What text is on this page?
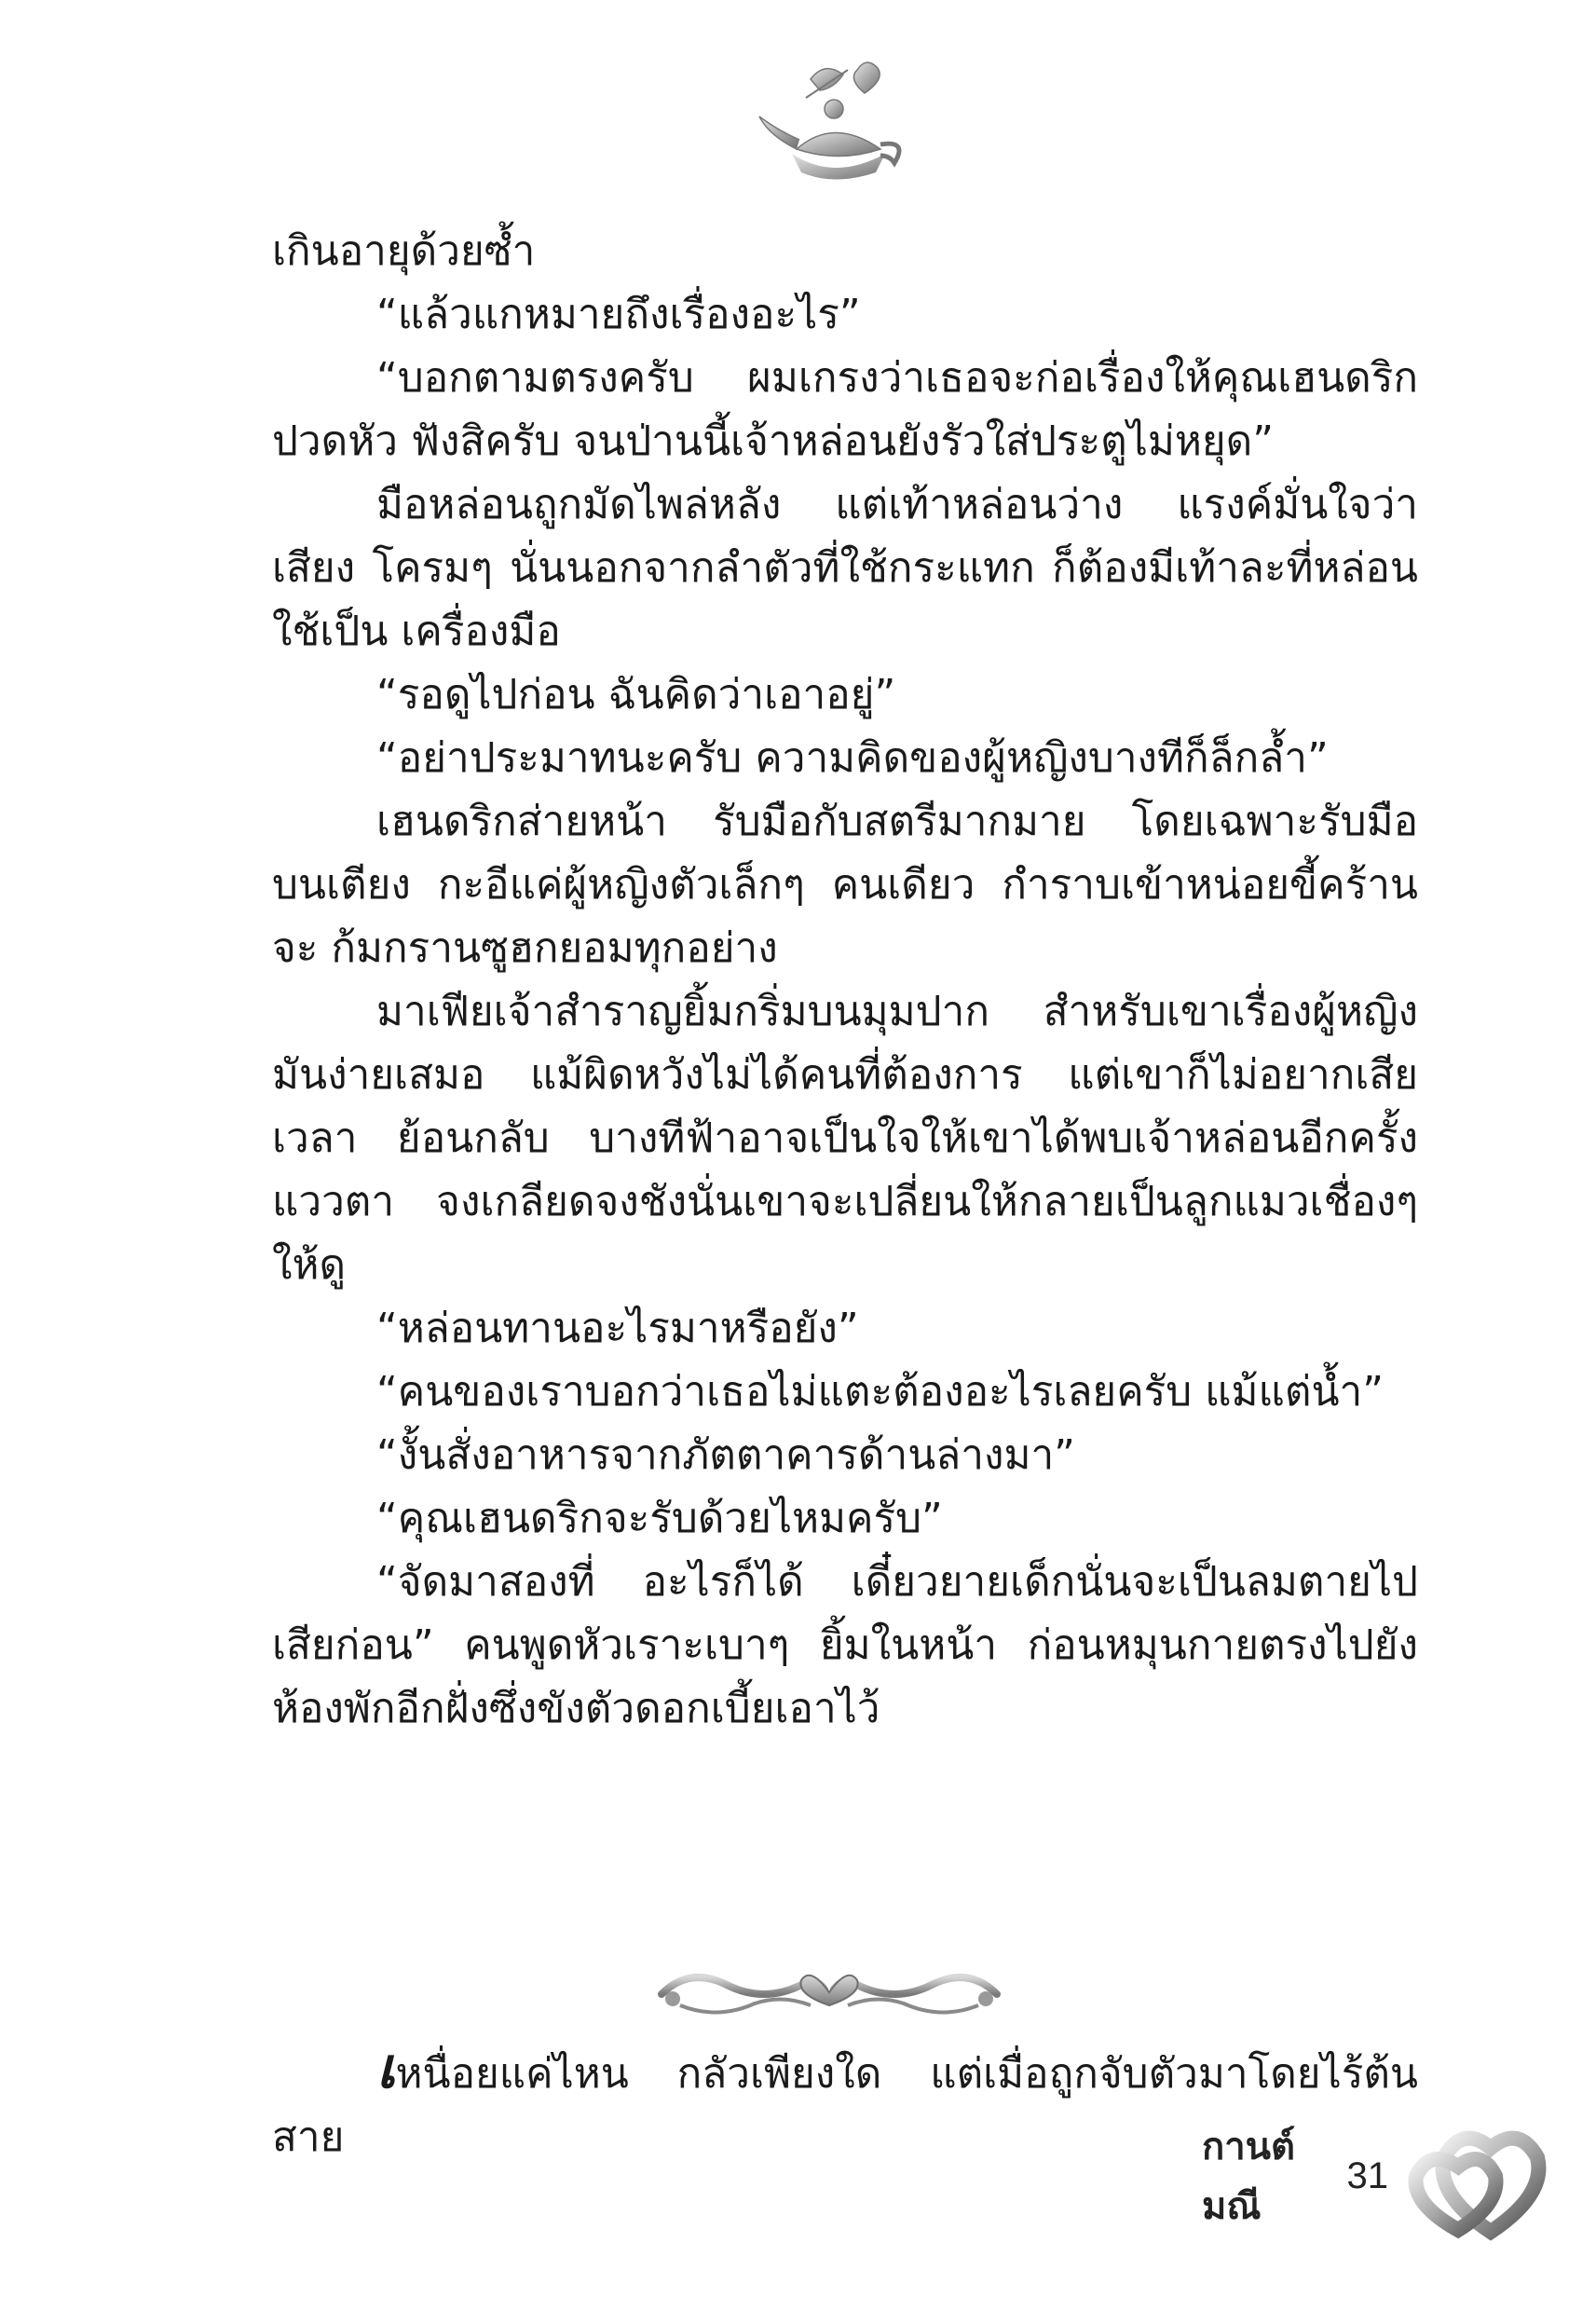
เกินอายุด้วยซ้ำ

“แล้วแกหมายถึงเรื่องอะไร”

“บอกตามตรงครับ ผมเกรงว่าเธอจะก่อเรื่องให้คุณเฮนดริก ปวดหัว ฟังสิครับ จนป่านนี้เจ้าหล่อนยังรัวใส่ประตูไม่หยุด”

มือหล่อนถูกมัดไพล่หลัง แต่เท้าหล่อนว่าง แรงค์มั่นใจว่าเสียง โครมๆ นั่นนอกจากลำตัวที่ใช้กระแทก ก็ต้องมีเท้าละที่หล่อนใช้เป็น เครื่องมือ

“รอดูไปก่อน ฉันคิดว่าเอาอยู่”

“อย่าประมาทนะครับ ความคิดของผู้หญิงบางทีก็ล็กล้ำ”

เฮนดริกส่ายหน้า รับมือกับสตรีมากมาย โดยเฉพาะรับมือ บนเตียง กะอีแค่ผู้หญิงตัวเล็กๆ คนเดียว กำราบเข้าหน่อยขี้คร้านจะ ก้มกรานซูฮกยอมทุกอย่าง

มาเฟียเจ้าสำราญยิ้มกริ่มบนมุมปาก สำหรับเขาเรื่องผู้หญิง มันง่ายเสมอ แม้ผิดหวังไม่ได้คนที่ต้องการ แต่เขาก็ไม่อยากเสียเวลา ย้อนกลับ บางทีฟ้าอาจเป็นใจให้เขาได้พบเจ้าหล่อนอีกครั้ง แววตา จงเกลียดจงชังนั่นเขาจะเปลี่ยนให้กลายเป็นลูกแมวเชื่องๆ ให้ดู

“หล่อนทานอะไรมาหรือยัง”

“คนของเราบอกว่าเธอไม่แตะต้องอะไรเลยครับ แม้แต่น้ำ”

“งั้นสั่งอาหารจากภัตตาคารด้านล่างมา”

“คุณเฮนดริกจะรับด้วยไหมครับ”

“จัดมาสองที่ อะไรก็ได้ เดี๋ยวยายเด็กนั่นจะเป็นลมตายไป เสียก่อน” คนพูดหัวเราะเบาๆ ยิ้มในหน้า ก่อนหมุนกายตรงไปยัง ห้องพักอีกฝั่งซึ่งขังตัวดอกเบี้ยเอาไว้

เหนื่อยแค่ไหน กลัวเพียงใด แต่เมื่อถูกจับตัวมาโดยไร้ต้นสาย	กานต์มณี
31
